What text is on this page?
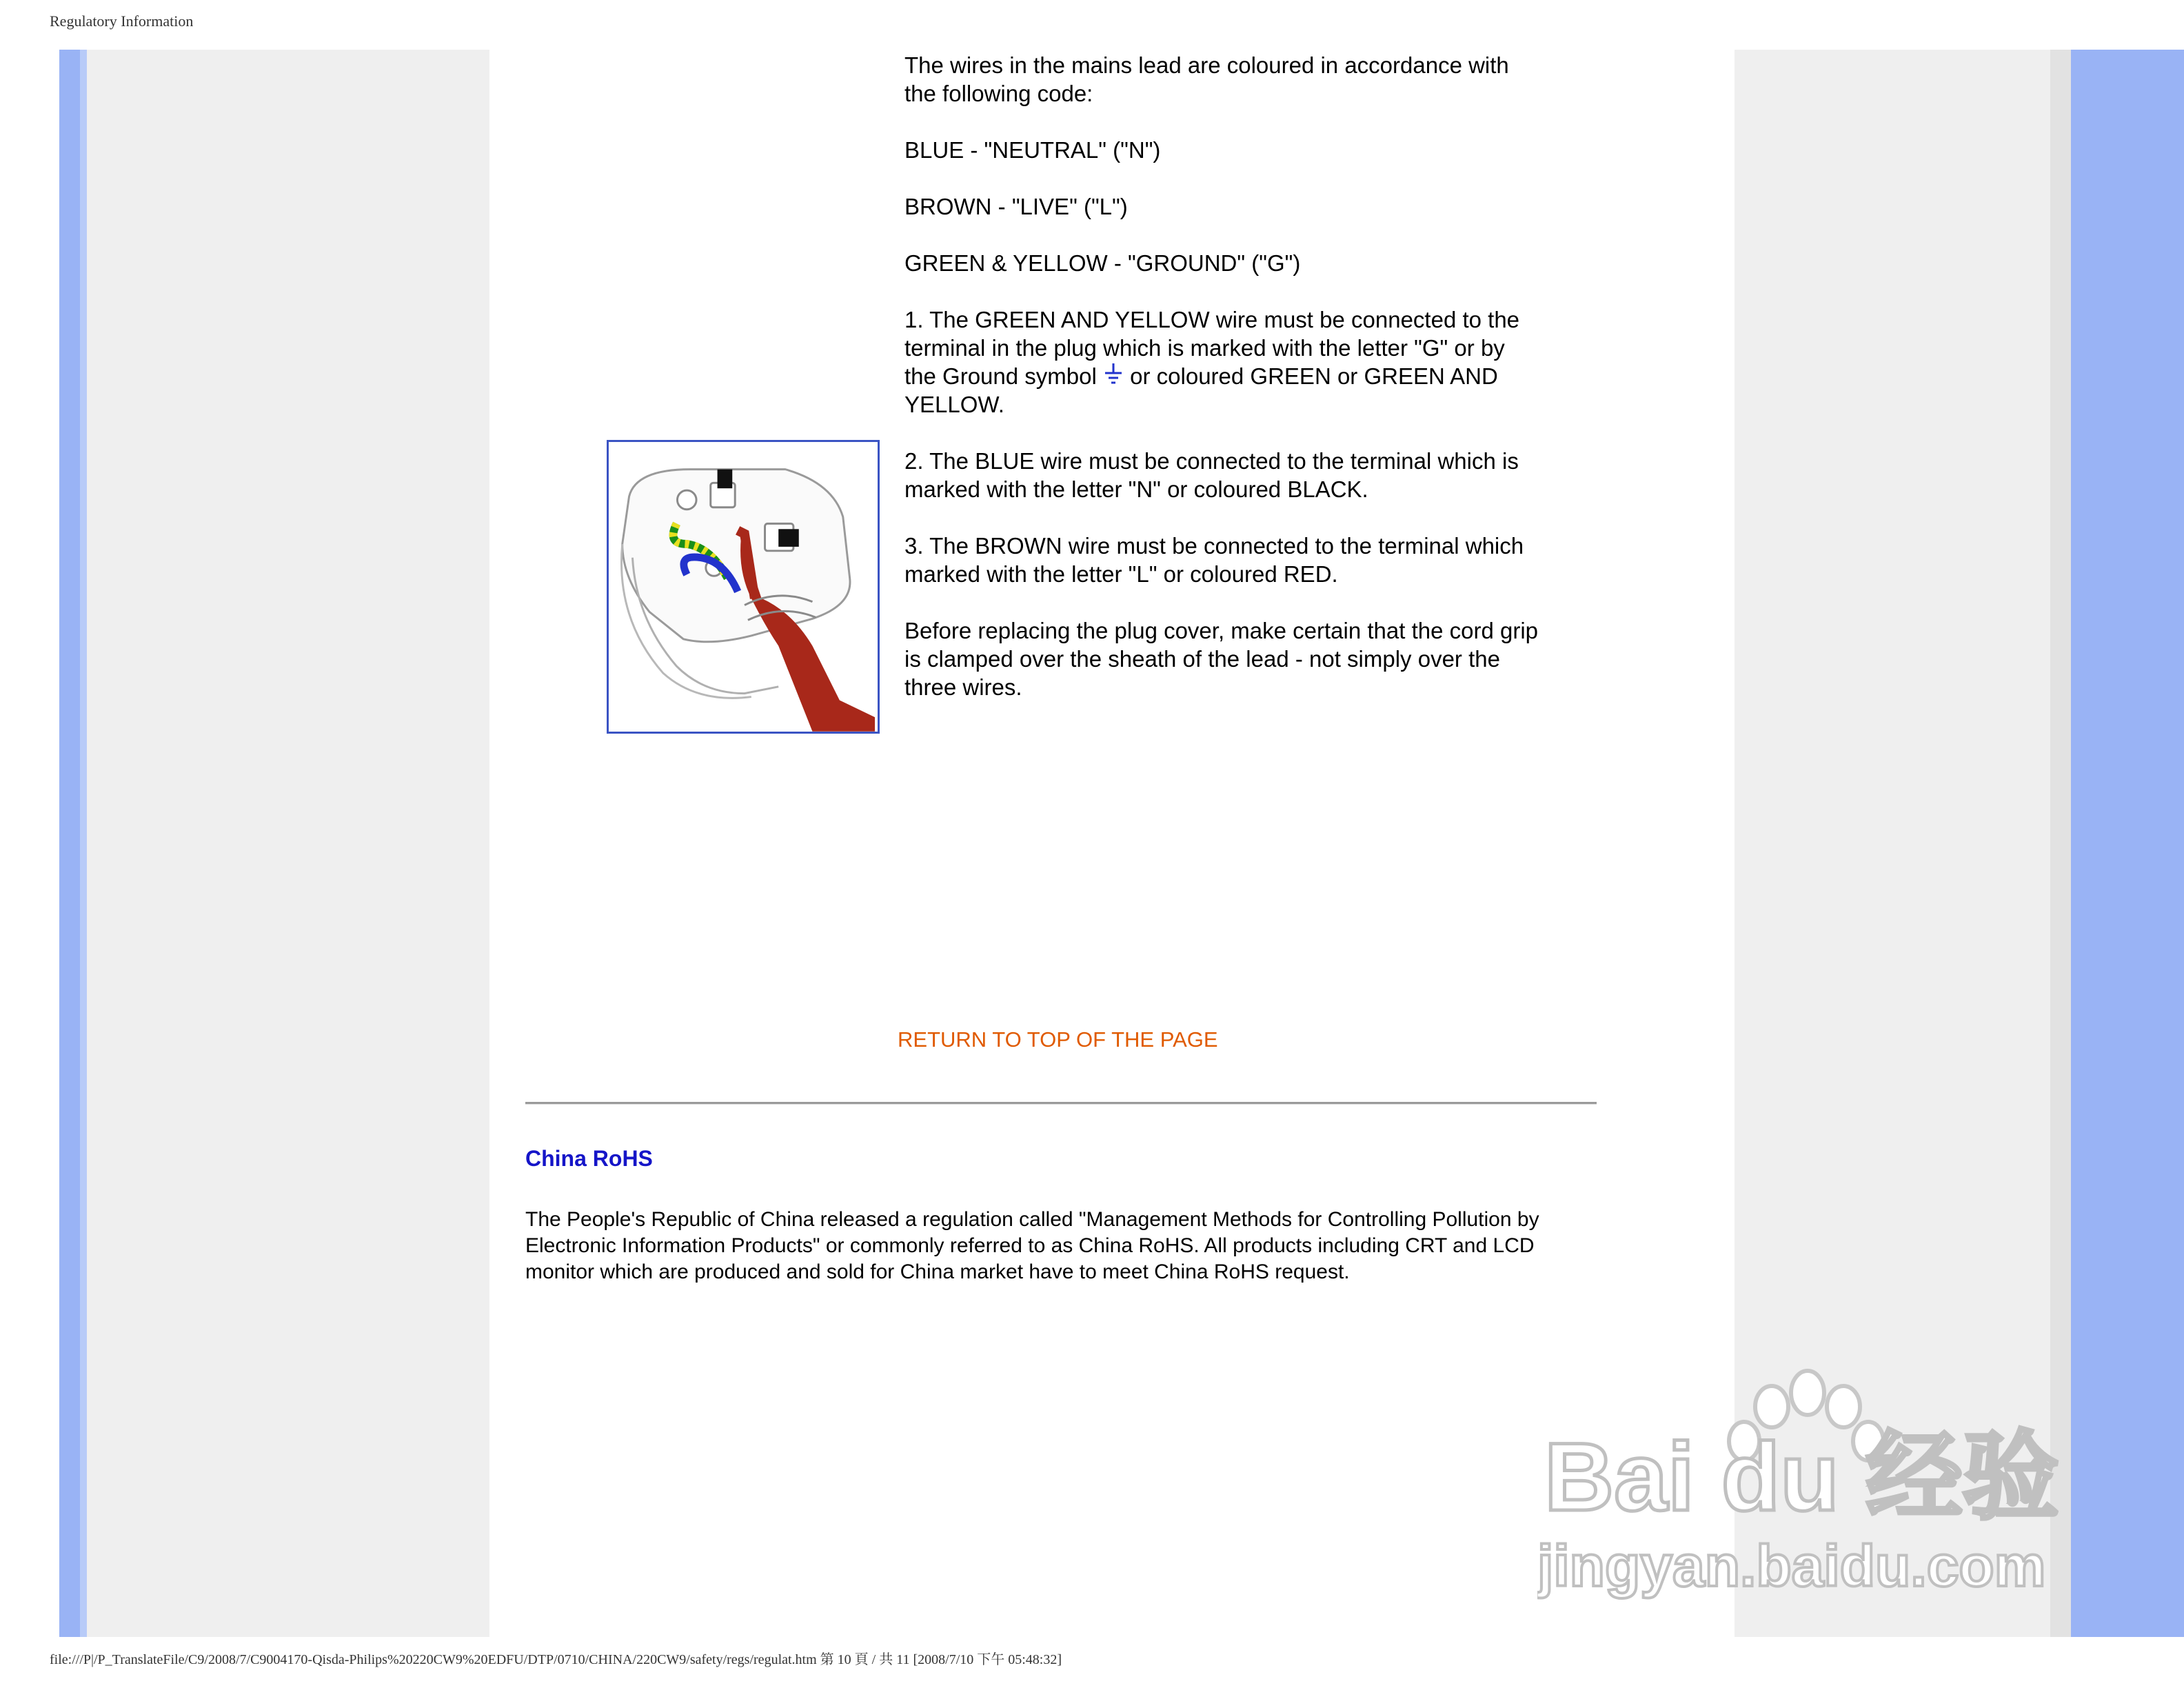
Regulatory Information

The wires in the mains lead are coloured in accordance with the following code:

BLUE - "NEUTRAL" ("N")

BROWN - "LIVE" ("L")

GREEN & YELLOW - "GROUND" ("G")

1. The GREEN AND YELLOW wire must be connected to the terminal in the plug which is marked with the letter "G" or by the Ground symbol  or coloured GREEN or GREEN AND YELLOW.

2. The BLUE wire must be connected to the terminal which is marked with the letter "N" or coloured BLACK.

3. The BROWN wire must be connected to the terminal which marked with the letter "L" or coloured RED.

Before replacing the plug cover, make certain that the cord grip is clamped over the sheath of the lead - not simply over the three wires.

RETURN TO TOP OF THE PAGE
China RoHS

The People's Republic of China released a regulation called "Management Methods for Controlling Pollution by Electronic Information Products" or commonly referred to as China RoHS. All products including CRT and LCD monitor which are produced and sold for China market have to meet China RoHS request.

Bai du 经验
jingyan.baidu.com
file:///P|/P_TranslateFile/C9/2008/7/C9004170-Qisda-Philips%20220CW9%20EDFU/DTP/0710/CHINA/220CW9/safety/regs/regulat.htm 第 10 頁 / 共 11 [2008/7/10 下午 05:48:32]
